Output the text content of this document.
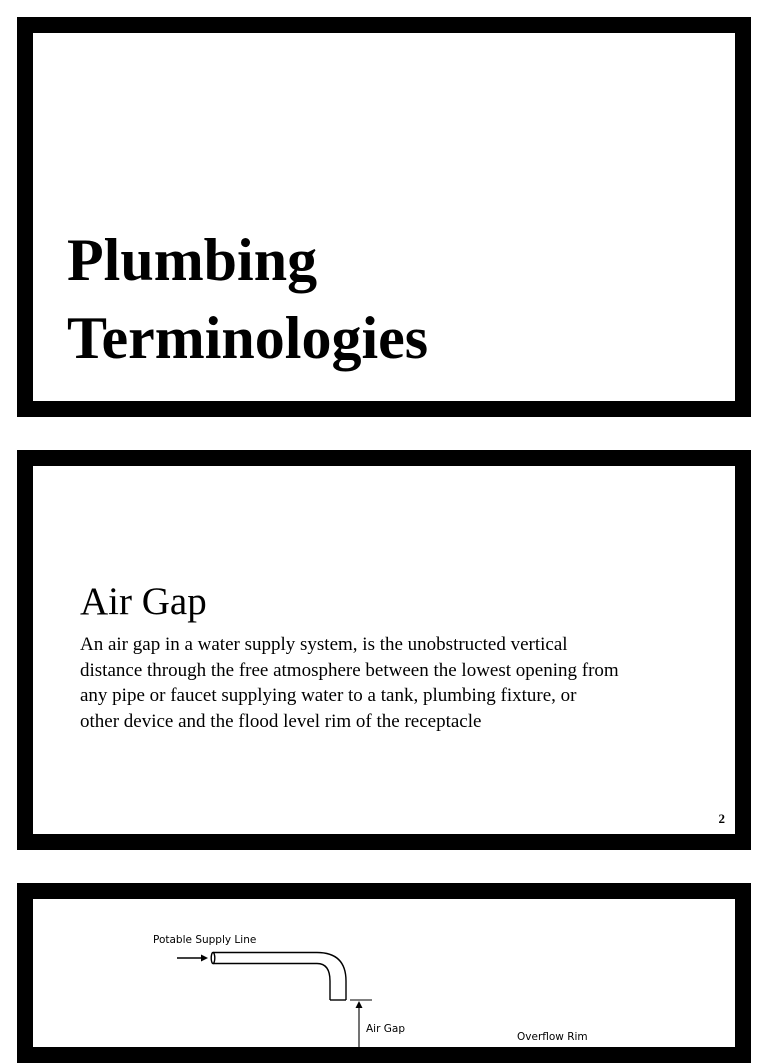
Plumbing
Terminologies
Air Gap

An air gap in a water supply system, is the unobstructed vertical distance through the free atmosphere between the lowest opening from any pipe or faucet supplying water to a tank, plumbing fixture, or other device and the flood level rim of the receptacle

2
Potable Supply Line
Air Gap
Overflow Rim
